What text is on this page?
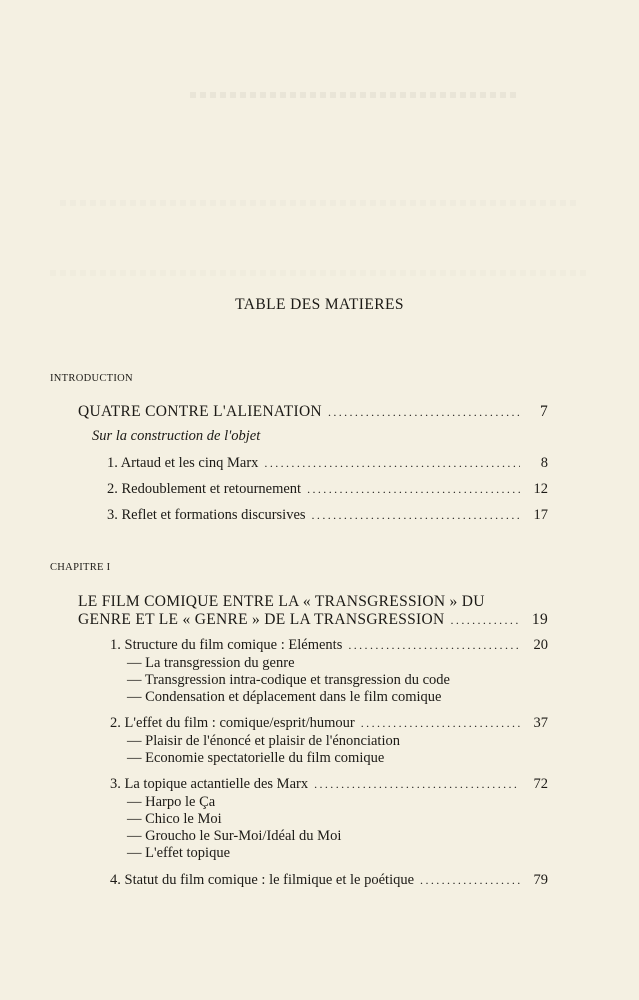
TABLE DES MATIERES
INTRODUCTION
QUATRE CONTRE L'ALIENATION .....	7
Sur la construction de l'objet
1. Artaud et les cinq Marx .....	8
2. Redoublement et retournement .....	12
3. Reflet et formations discursives .....	17
CHAPITRE I
LE FILM COMIQUE ENTRE LA « TRANSGRESSION » DU
GENRE ET LE « GENRE » DE LA TRANSGRESSION .....	19
1. Structure du film comique : Eléments .....	20
— La transgression du genre
— Transgression intra-codique et transgression du code
— Condensation et déplacement dans le film comique
2. L'effet du film : comique/esprit/humour .....	37
— Plaisir de l'énoncé et plaisir de l'énonciation
— Economie spectatorielle du film comique
3. La topique actantielle des Marx .....	72
— Harpo le Ça
— Chico le Moi
— Groucho le Sur-Moi/Idéal du Moi
— L'effet topique
4. Statut du film comique : le filmique et le poétique .....	79
